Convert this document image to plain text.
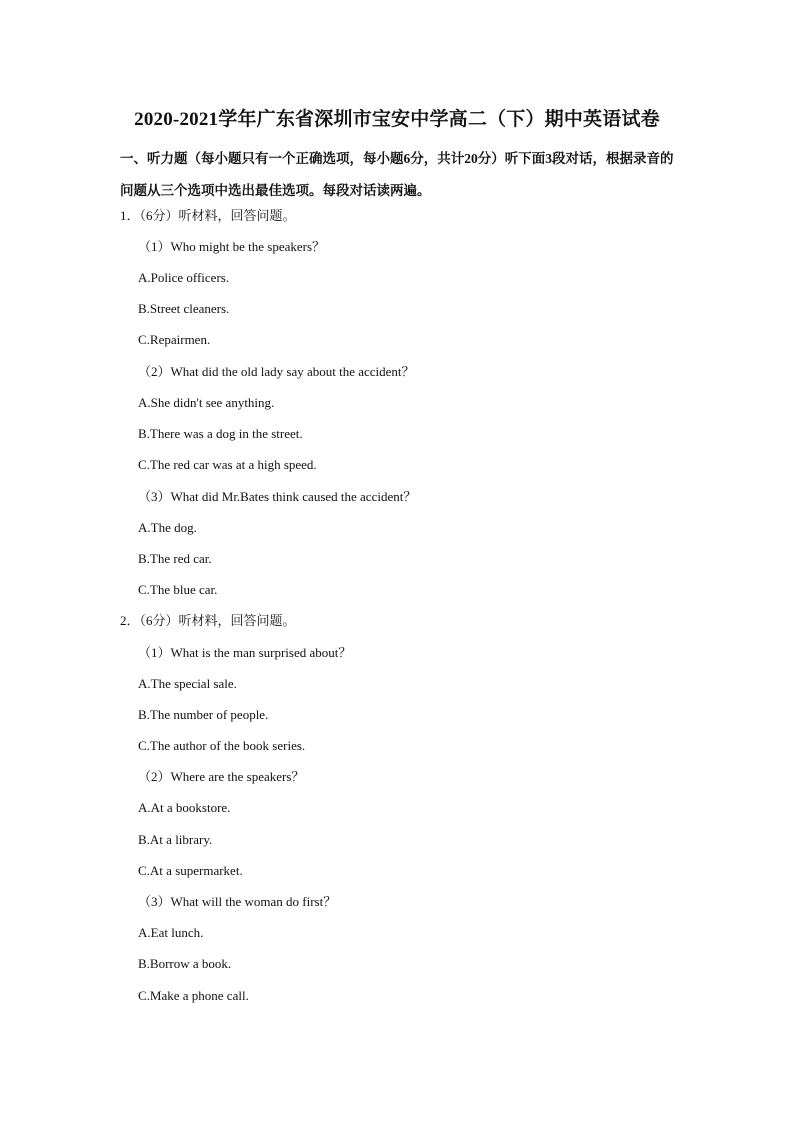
2020-2021学年广东省深圳市宝安中学高二（下）期中英语试卷
一、听力题（每小题只有一个正确选项，每小题6分，共计20分）听下面3段对话，根据录音的问题从三个选项中选出最佳选项。每段对话读两遍。
1．（6分）听材料，回答问题。
（1）Who might be the speakers？
A.Police officers.
B.Street cleaners.
C.Repairmen.
（2）What did the old lady say about the accident？
A.She didn't see anything.
B.There was a dog in the street.
C.The red car was at a high speed.
（3）What did Mr.Bates think caused the accident？
A.The dog.
B.The red car.
C.The blue car.
2．（6分）听材料，回答问题。
（1）What is the man surprised about？
A.The special sale.
B.The number of people.
C.The author of the book series.
（2）Where are the speakers？
A.At a bookstore.
B.At a library.
C.At a supermarket.
（3）What will the woman do first？
A.Eat lunch.
B.Borrow a book.
C.Make a phone call.
